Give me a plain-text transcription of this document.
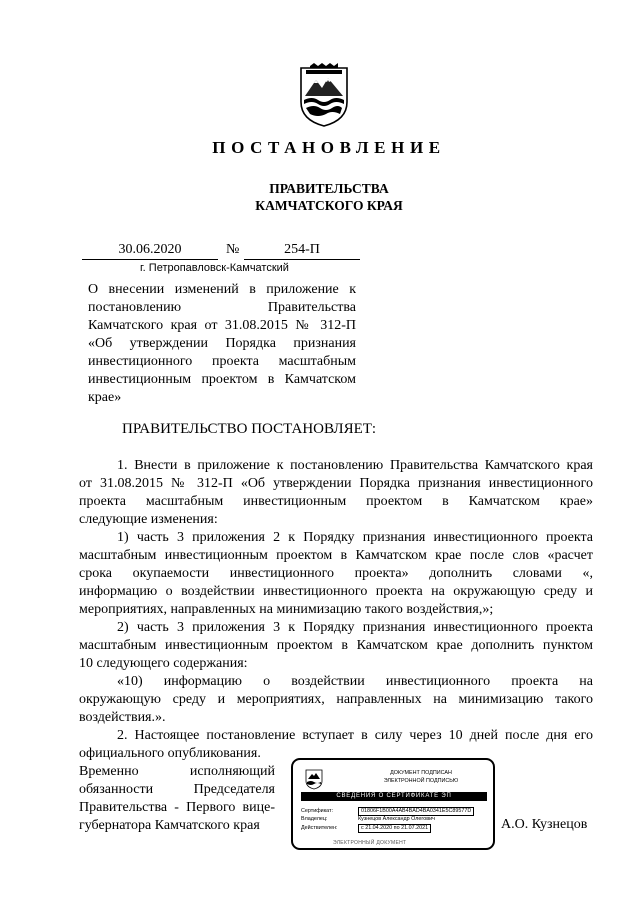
ПОСТАНОВЛЕНИЕ
ПРАВИТЕЛЬСТВА
КАМЧАТСКОГО КРАЯ
30.06.2020	№	254-П
г. Петропавловск-Камчатский
О внесении изменений в приложение к
постановлению Правительства
Камчатского края от 31.08.2015 № 312-П
«Об утверждении Порядка признания
инвестиционного проекта масштабным
инвестиционным проектом в Камчатском
крае»
ПРАВИТЕЛЬСТВО ПОСТАНОВЛЯЕТ:
1. Внести в приложение к постановлению Правительства Камчатского края
от 31.08.2015 № 312-П «Об утверждении Порядка признания инвестиционного
проекта масштабным инвестиционным проектом в Камчатском крае»
следующие изменения:
1) часть 3 приложения 2 к Порядку признания инвестиционного проекта
масштабным инвестиционным проектом в Камчатском крае после слов «расчет
срока окупаемости инвестиционного проекта» дополнить словами «,
информацию о воздействии инвестиционного проекта на окружающую среду и
мероприятиях, направленных на минимизацию такого воздействия,»;
2) часть 3 приложения 3 к Порядку признания инвестиционного проекта
масштабным инвестиционным проектом в Камчатском крае дополнить пунктом
10 следующего содержания:
«10) информацию о воздействии инвестиционного проекта на
окружающую среду и мероприятиях, направленных на минимизацию такого
воздействия.».
2. Настоящее постановление вступает в силу через 10 дней после дня его
официального опубликования.
Временно исполняющий
обязанности Председателя
Правительства - Первого вице-
губернатора Камчатского края
ДОКУМЕНТ ПОДПИСАН
ЭЛЕКТРОННОЙ ПОДПИСЬЮ
СВЕДЕНИЯ О СЕРТИФИКАТЕ ЭП
Сертификат:	01806F1B00A4AB4BAD4BA0341E5C89577D
Владелец:	Кузнецов Александр Олегович
Действителен:	с 21.04.2020 по 21.07.2021
ЭЛЕКТРОННЫЙ ДОКУМЕНТ
А.О. Кузнецов
